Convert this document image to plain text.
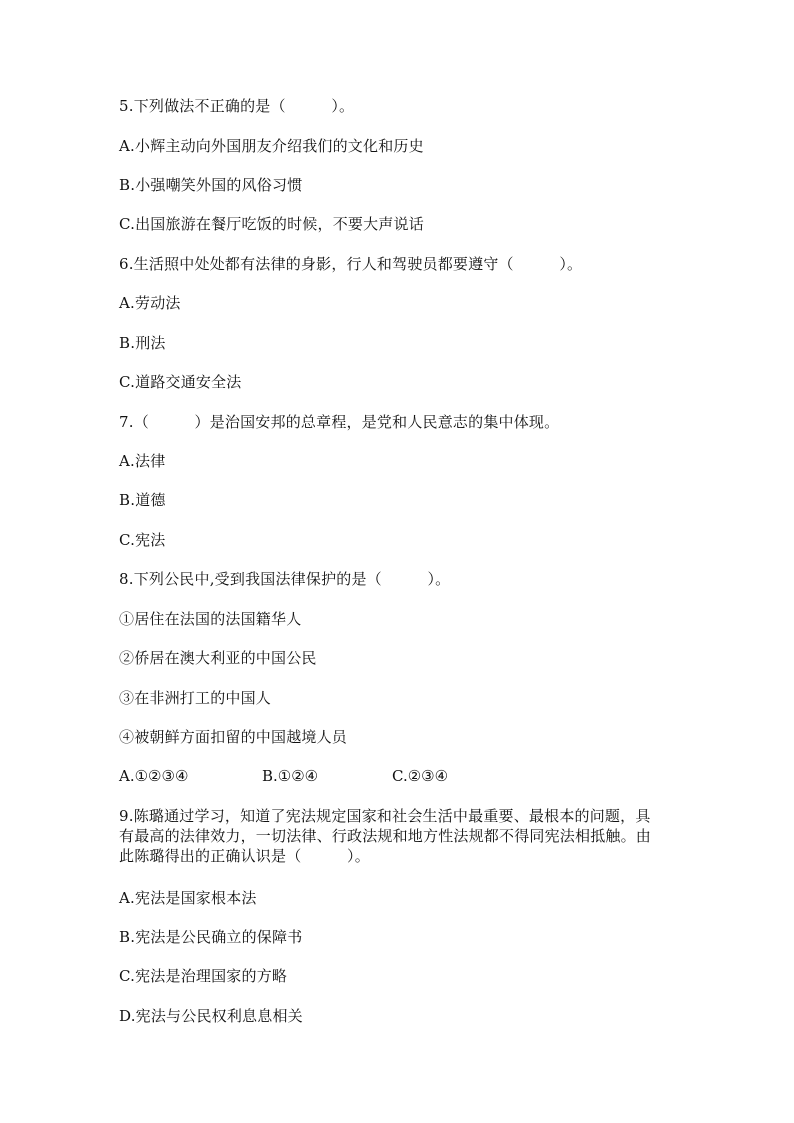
5.下列做法不正确的是（　　　）。
A.小辉主动向外国朋友介绍我们的文化和历史
B.小强嘲笑外国的风俗习惯
C.出国旅游在餐厅吃饭的时候，不要大声说话
6.生活照中处处都有法律的身影，行人和驾驶员都要遵守（　　　）。
A.劳动法
B.刑法
C.道路交通安全法
7.（　　　）是治国安邦的总章程，是党和人民意志的集中体现。
A.法律
B.道德
C.宪法
8.下列公民中,受到我国法律保护的是（　　　）。
①居住在法国的法国籍华人
②侨居在澳大利亚的中国公民
③在非洲打工的中国人
④被朝鲜方面扣留的中国越境人员
A.①②③④	B.①②④	C.②③④
9.陈璐通过学习，知道了宪法规定国家和社会生活中最重要、最根本的问题，具有最高的法律效力，一切法律、行政法规和地方性法规都不得同宪法相抵触。由此陈璐得出的正确认识是（　　　）。
A.宪法是国家根本法
B.宪法是公民确立的保障书
C.宪法是治理国家的方略
D.宪法与公民权利息息相关
